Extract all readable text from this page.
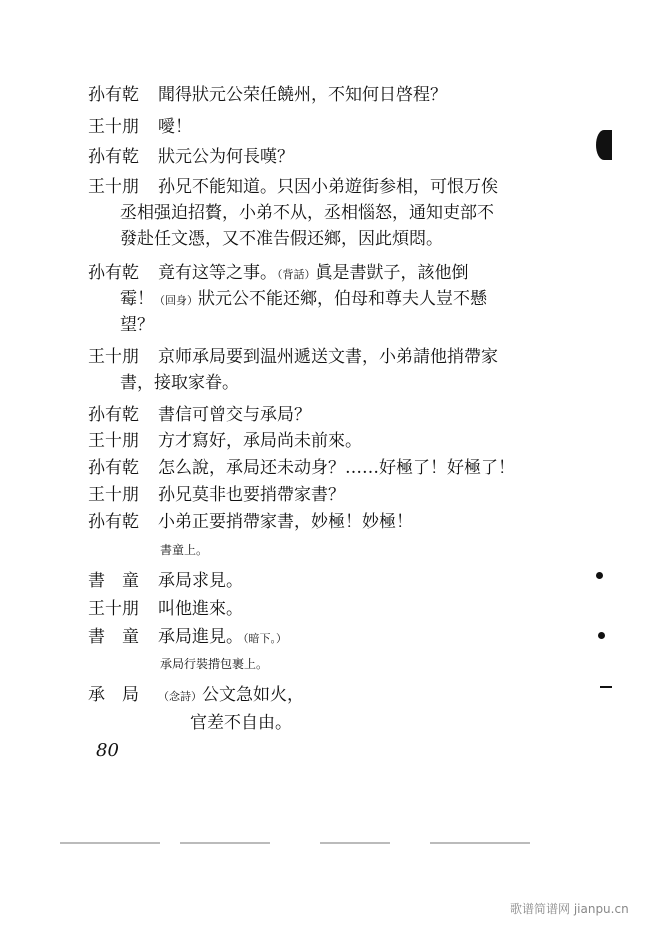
孙有乾 聞得狀元公荣任饒州，不知何日啓程？
王十朋 噯！
孙有乾 狀元公为何長嘆？
王十朋 孙兄不能知道。只因小弟遊街参相，可恨万俟
丞相强迫招贅，小弟不从，丞相惱怒，通知吏部不
發赴任文憑，又不准告假还鄉，因此煩悶。
孙有乾 竟有这等之事。（背話）眞是書獃子，該他倒
霉！（回身）狀元公不能还鄉，伯母和尊夫人豈不懸
望？
王十朋 京师承局要到温州遞送文書，小弟請他捎帶家
書，接取家眷。
孙有乾 書信可曾交与承局？
王十朋 方才寫好，承局尚未前來。
孙有乾 怎么說，承局还未动身？……好極了！好極了！
王十朋 孙兄莫非也要捎帶家書？
孙有乾 小弟正要捎帶家書，妙極！妙極！
書童上。
書　童 承局求見。
王十朋 叫他進來。
書　童 承局進見。（暗下。）
承局行裝揹包裹上。
承　局 （念詩）公文急如火，
官差不自由。
80
歌谱简谱网 jianpu.cn
